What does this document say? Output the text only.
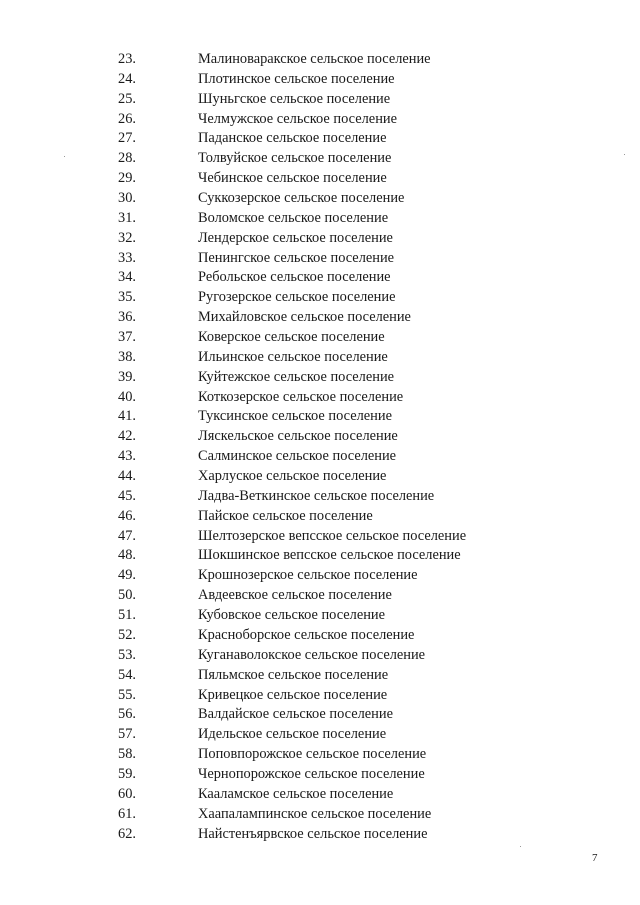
23.	Малиноваракское сельское поселение
24.	Плотинское сельское поселение
25.	Шуньгское сельское поселение
26.	Челмужское сельское поселение
27.	Паданское сельское поселение
28.	Толвуйское сельское поселение
29.	Чебинское сельское поселение
30.	Суккозерское сельское поселение
31.	Воломское сельское поселение
32.	Лендерское сельское поселение
33.	Пенингское сельское поселение
34.	Ребольское сельское поселение
35.	Ругозерское сельское поселение
36.	Михайловское сельское поселение
37.	Коверское сельское поселение
38.	Ильинское сельское поселение
39.	Куйтежское сельское поселение
40.	Коткозерское сельское поселение
41.	Туксинское сельское поселение
42.	Ляскельское сельское поселение
43.	Салминское сельское поселение
44.	Харлуское сельское поселение
45.	Ладва-Веткинское сельское поселение
46.	Пайское сельское поселение
47.	Шелтозерское вепсское сельское поселение
48.	Шокшинское вепсское сельское поселение
49.	Крошнозерское сельское поселение
50.	Авдеевское сельское поселение
51.	Кубовское сельское поселение
52.	Красноборское сельское поселение
53.	Куганаволокское сельское поселение
54.	Пяльмское сельское поселение
55.	Кривецкое сельское поселение
56.	Валдайское сельское поселение
57.	Идельское сельское поселение
58.	Поповпорожское сельское поселение
59.	Чернопорожское сельское поселение
60.	Кааламское сельское поселение
61.	Хаапалампинское сельское поселение
62.	Найстенъярвское сельское поселение
7
